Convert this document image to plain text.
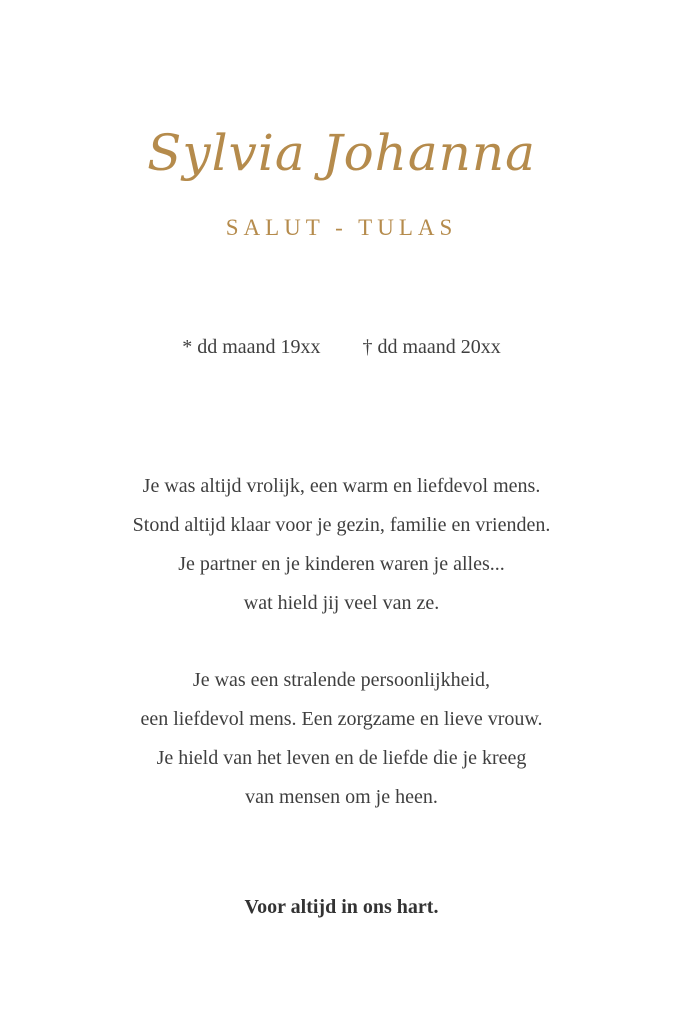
Sylvia Johanna
SALUT - TULAS
* dd maand 19xx † dd maand 20xx
Je was altijd vrolijk, een warm en liefdevol mens.
Stond altijd klaar voor je gezin, familie en vrienden.
Je partner en je kinderen waren je alles...
wat hield jij veel van ze.
Je was een stralende persoonlijkheid,
een liefdevol mens. Een zorgzame en lieve vrouw.
Je hield van het leven en de liefde die je kreeg
van mensen om je heen.
Voor altijd in ons hart.
